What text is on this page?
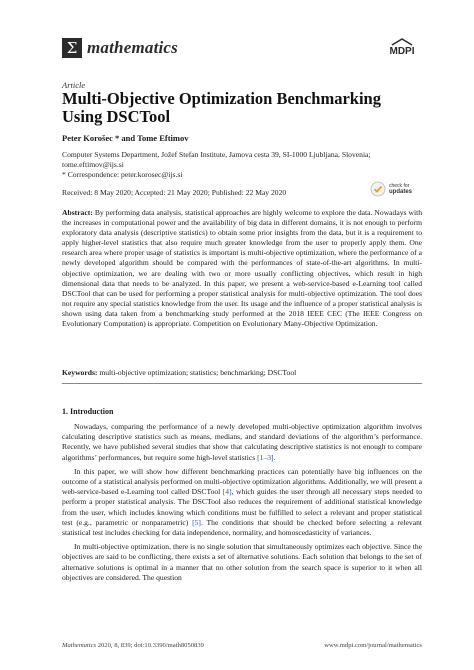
Σ mathematics	MDPI
Article
Multi-Objective Optimization Benchmarking Using DSCTool
Peter Korošec * and Tome Eftimov
Computer Systems Department, Jožef Stefan Institute, Jamova cesta 39, SI-1000 Ljubljana, Slovenia;
tome.eftimov@ijs.si
* Correspondence: peter.korosec@ijs.si
Received: 8 May 2020; Accepted: 21 May 2020; Published: 22 May 2020
check for
updates
Abstract: By performing data analysis, statistical approaches are highly welcome to explore the data. Nowadays with the increases in computational power and the availability of big data in different domains, it is not enough to perform exploratory data analysis (descriptive statistics) to obtain some prior insights from the data, but it is a requirement to apply higher-level statistics that also require much greater knowledge from the user to properly apply them. One research area where proper usage of statistics is important is multi-objective optimization, where the performance of a newly developed algorithm should be compared with the performances of state-of-the-art algorithms. In multi-objective optimization, we are dealing with two or more usually conflicting objectives, which result in high dimensional data that needs to be analyzed. In this paper, we present a web-service-based e-Learning tool called DSCTool that can be used for performing a proper statistical analysis for multi-objective optimization. The tool does not require any special statistics knowledge from the user. Its usage and the influence of a proper statistical analysis is shown using data taken from a benchmarking study performed at the 2018 IEEE CEC (The IEEE Congress on Evolutionary Computation) is appropriate. Competition on Evolutionary Many-Objective Optimization.
Keywords: multi-objective optimization; statistics; benchmarking; DSCTool
1. Introduction

Nowadays, comparing the performance of a newly developed multi-objective optimization algorithm involves calculating descriptive statistics such as means, medians, and standard deviations of the algorithm’s performance. Recently, we have published several studies that show that calculating descriptive statistics is not enough to compare algorithms’ performances, but require some high-level statistics [1–3].

In this paper, we will show how different benchmarking practices can potentially have big influences on the outcome of a statistical analysis performed on multi-objective optimization algorithms. Additionally, we will present a web-service-based e-Learning tool called DSCTool [4], which guides the user through all necessary steps needed to perform a proper statistical analysis. The DSCTool also reduces the requirement of additional statistical knowledge from the user, which includes knowing which conditions must be fulfilled to select a relevant and proper statistical test (e.g., parametric or nonparametric) [5]. The conditions that should be checked before selecting a relevant statistical test includes checking for data independence, normality, and homoscedasticity of variances.

In multi-objective optimization, there is no single solution that simultaneously optimizes each objective. Since the objectives are said to be conflicting, there exists a set of alternative solutions. Each solution that belongs to the set of alternative solutions is optimal in a manner that no other solution from the search space is superior to it when all objectives are considered. The question

Mathematics 2020, 8, 839; doi:10.3390/math8050839	www.mdpi.com/journal/mathematics
